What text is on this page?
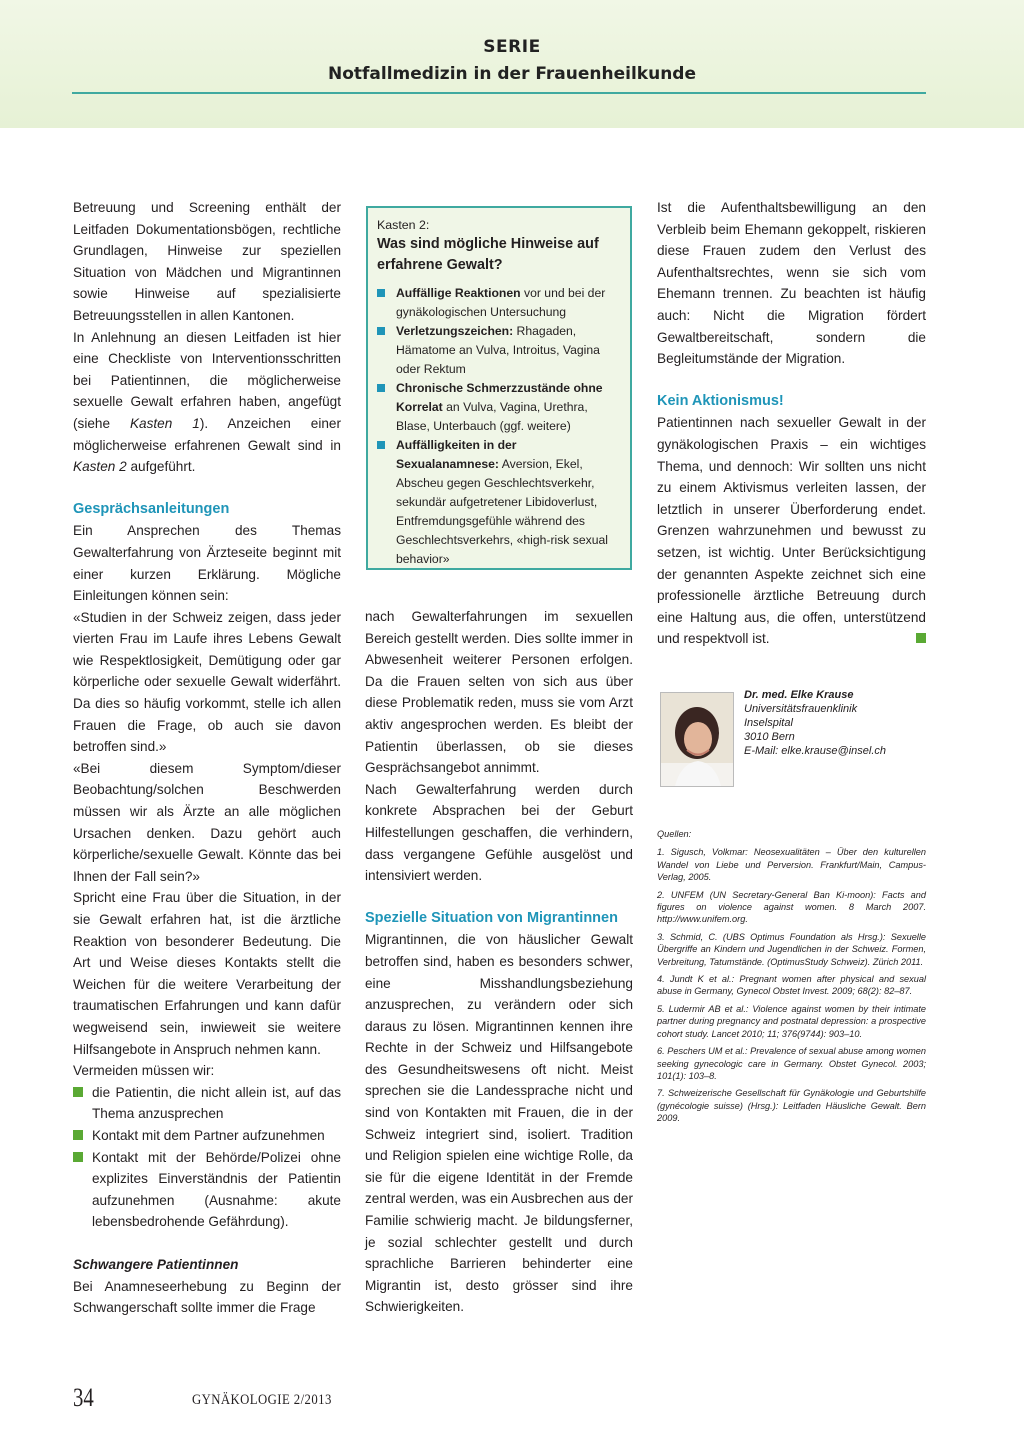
SERIE
Notfallmedizin in der Frauenheilkunde

Betreuung und Screening enthält der Leitfaden Dokumentationsbögen, rechtliche Grundlagen, Hinweise zur speziellen Situation von Mädchen und Migrantinnen sowie Hinweise auf spezialisierte Betreuungsstellen in allen Kantonen.

In Anlehnung an diesen Leitfaden ist hier eine Checkliste von Interventionsschritten bei Patientinnen, die möglicherweise sexuelle Gewalt erfahren haben, angefügt (siehe Kasten 1). Anzeichen einer möglicherweise erfahrenen Gewalt sind in Kasten 2 aufgeführt.

Gesprächsanleitungen

Ein Ansprechen des Themas Gewalterfahrung von Ärzteseite beginnt mit einer kurzen Erklärung. Mögliche Einleitungen können sein:

«Studien in der Schweiz zeigen, dass jeder vierten Frau im Laufe ihres Lebens Gewalt wie Respektlosigkeit, Demütigung oder gar körperliche oder sexuelle Gewalt widerfährt. Da dies so häufig vorkommt, stelle ich allen Frauen die Frage, ob auch sie davon betroffen sind.»

«Bei diesem Symptom/dieser Beobachtung/solchen Beschwerden müssen wir als Ärzte an alle möglichen Ursachen denken. Dazu gehört auch körperliche/sexuelle Gewalt. Könnte das bei Ihnen der Fall sein?»

Spricht eine Frau über die Situation, in der sie Gewalt erfahren hat, ist die ärztliche Reaktion von besonderer Bedeutung. Die Art und Weise dieses Kontakts stellt die Weichen für die weitere Verarbeitung der traumatischen Erfahrungen und kann dafür wegweisend sein, inwieweit sie weitere Hilfsangebote in Anspruch nehmen kann.

Vermeiden müssen wir:

die Patientin, die nicht allein ist, auf das Thema anzusprechen
Kontakt mit dem Partner aufzunehmen
Kontakt mit der Behörde/Polizei ohne explizites Einverständnis der Patientin aufzunehmen (Ausnahme: akute lebensbedrohende Gefährdung).

Schwangere Patientinnen

Bei Anamneseerhebung zu Beginn der Schwangerschaft sollte immer die Frage

Kasten 2:
Was sind mögliche Hinweise auf erfahrene Gewalt?
Auffällige Reaktionen vor und bei der gynäkologischen Untersuchung
Verletzungszeichen: Rhagaden, Hämatome an Vulva, Introitus, Vagina oder Rektum
Chronische Schmerzzustände ohne Korrelat an Vulva, Vagina, Urethra, Blase, Unterbauch (ggf. weitere)
Auffälligkeiten in der Sexualanamnese: Aversion, Ekel, Abscheu gegen Geschlechtsverkehr, sekundär aufgetretener Libidoverlust, Entfremdungsgefühle während des Geschlechtsverkehrs, «high-risk sexual behavior»

nach Gewalterfahrungen im sexuellen Bereich gestellt werden. Dies sollte immer in Abwesenheit weiterer Personen erfolgen. Da die Frauen selten von sich aus über diese Problematik reden, muss sie vom Arzt aktiv angesprochen werden. Es bleibt der Patientin überlassen, ob sie dieses Gesprächsangebot annimmt.

Nach Gewalterfahrung werden durch konkrete Absprachen bei der Geburt Hilfestellungen geschaffen, die verhindern, dass vergangene Gefühle ausgelöst und intensiviert werden.

Spezielle Situation von Migrantinnen

Migrantinnen, die von häuslicher Gewalt betroffen sind, haben es besonders schwer, eine Misshandlungsbeziehung anzusprechen, zu verändern oder sich daraus zu lösen. Migrantinnen kennen ihre Rechte in der Schweiz und Hilfsangebote des Gesundheitswesens oft nicht. Meist sprechen sie die Landessprache nicht und sind von Kontakten mit Frauen, die in der Schweiz integriert sind, isoliert. Tradition und Religion spielen eine wichtige Rolle, da sie für die eigene Identität in der Fremde zentral werden, was ein Ausbrechen aus der Familie schwierig macht. Je bildungsferner, je sozial schlechter gestellt und durch sprachliche Barrieren behinderter eine Migrantin ist, desto grösser sind ihre Schwierigkeiten.

Ist die Aufenthaltsbewilligung an den Verbleib beim Ehemann gekoppelt, riskieren diese Frauen zudem den Verlust des Aufenthaltsrechtes, wenn sie sich vom Ehemann trennen. Zu beachten ist häufig auch: Nicht die Migration fördert Gewaltbereitschaft, sondern die Begleitumstände der Migration.

Kein Aktionismus!

Patientinnen nach sexueller Gewalt in der gynäkologischen Praxis – ein wichtiges Thema, und dennoch: Wir sollten uns nicht zu einem Aktivismus verleiten lassen, der letztlich in unserer Überforderung endet. Grenzen wahrzunehmen und bewusst zu setzen, ist wichtig. Unter Berücksichtigung der genannten Aspekte zeichnet sich eine professionelle ärztliche Betreuung durch eine Haltung aus, die offen, unterstützend und respektvoll ist.

Dr. med. Elke Krause
Universitätsfrauenklinik
Inselspital
3010 Bern
E-Mail: elke.krause@insel.ch
Quellen:
1. Sigusch, Volkmar: Neosexualitäten – Über den kulturellen Wandel von Liebe und Perversion. Frankfurt/Main, Campus-Verlag, 2005.
2. UNFEM (UN Secretary-General Ban Ki-moon): Facts and figures on violence against women. 8 March 2007. http://www.unifem.org.
3. Schmid, C. (UBS Optimus Foundation als Hrsg.): Sexuelle Übergriffe an Kindern und Jugendlichen in der Schweiz. Formen, Verbreitung, Tatumstände. (OptimusStudy Schweiz). Zürich 2011.
4. Jundt K et al.: Pregnant women after physical and sexual abuse in Germany, Gynecol Obstet Invest. 2009; 68(2): 82–87.
5. Ludermir AB et al.: Violence against women by their intimate partner during pregnancy and postnatal depression: a prospective cohort study. Lancet 2010; 11; 376(9744): 903–10.
6. Peschers UM et al.: Prevalence of sexual abuse among women seeking gynecologic care in Germany. Obstet Gynecol. 2003; 101(1): 103–8.
7. Schweizerische Gesellschaft für Gynäkologie und Geburtshilfe (gynécologie suisse) (Hrsg.): Leitfaden Häusliche Gewalt. Bern 2009.
34	GYNÄKOLOGIE 2/2013
